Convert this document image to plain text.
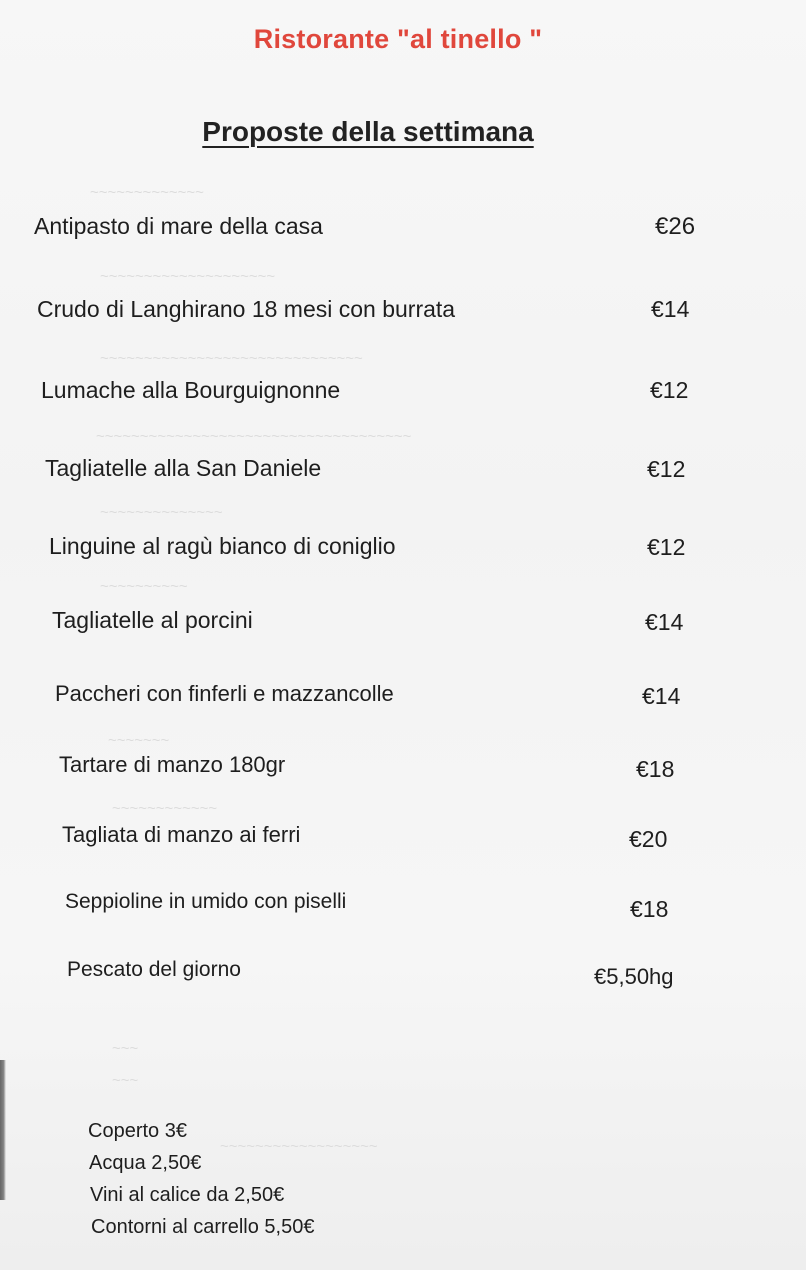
~~~~~~~~~~~~~
~~~~~~~~~~~~~~~~~~~~
~~~~~~~~~~~~~~~~~~~~~~~~~~~~~~
~~~~~~~~~~~~~~~~~~~~~~~~~~~~~~~~~~~~
~~~~~~~~~~~~~~
~~~~~~~~~~
~~~~~~~
~~~~~~~~~~~~
~~~
~~~
~~~~~~~~~~~~~~~~~~
Ristorante "al tinello "
Proposte della settimana
Antipasto di mare della casa	€26
Crudo di Langhirano 18 mesi con burrata	€14
Lumache alla Bourguignonne	€12
Tagliatelle alla San Daniele	€12
Linguine al ragù bianco di coniglio	€12
Tagliatelle al porcini	€14
Paccheri con finferli e mazzancolle	€14
Tartare di manzo 180gr	€18
Tagliata di manzo ai ferri	€20
Seppioline in umido con piselli	€18
Pescato del giorno	€5,50hg
Coperto 3€
Acqua 2,50€
Vini al calice da 2,50€
Contorni al carrello 5,50€
